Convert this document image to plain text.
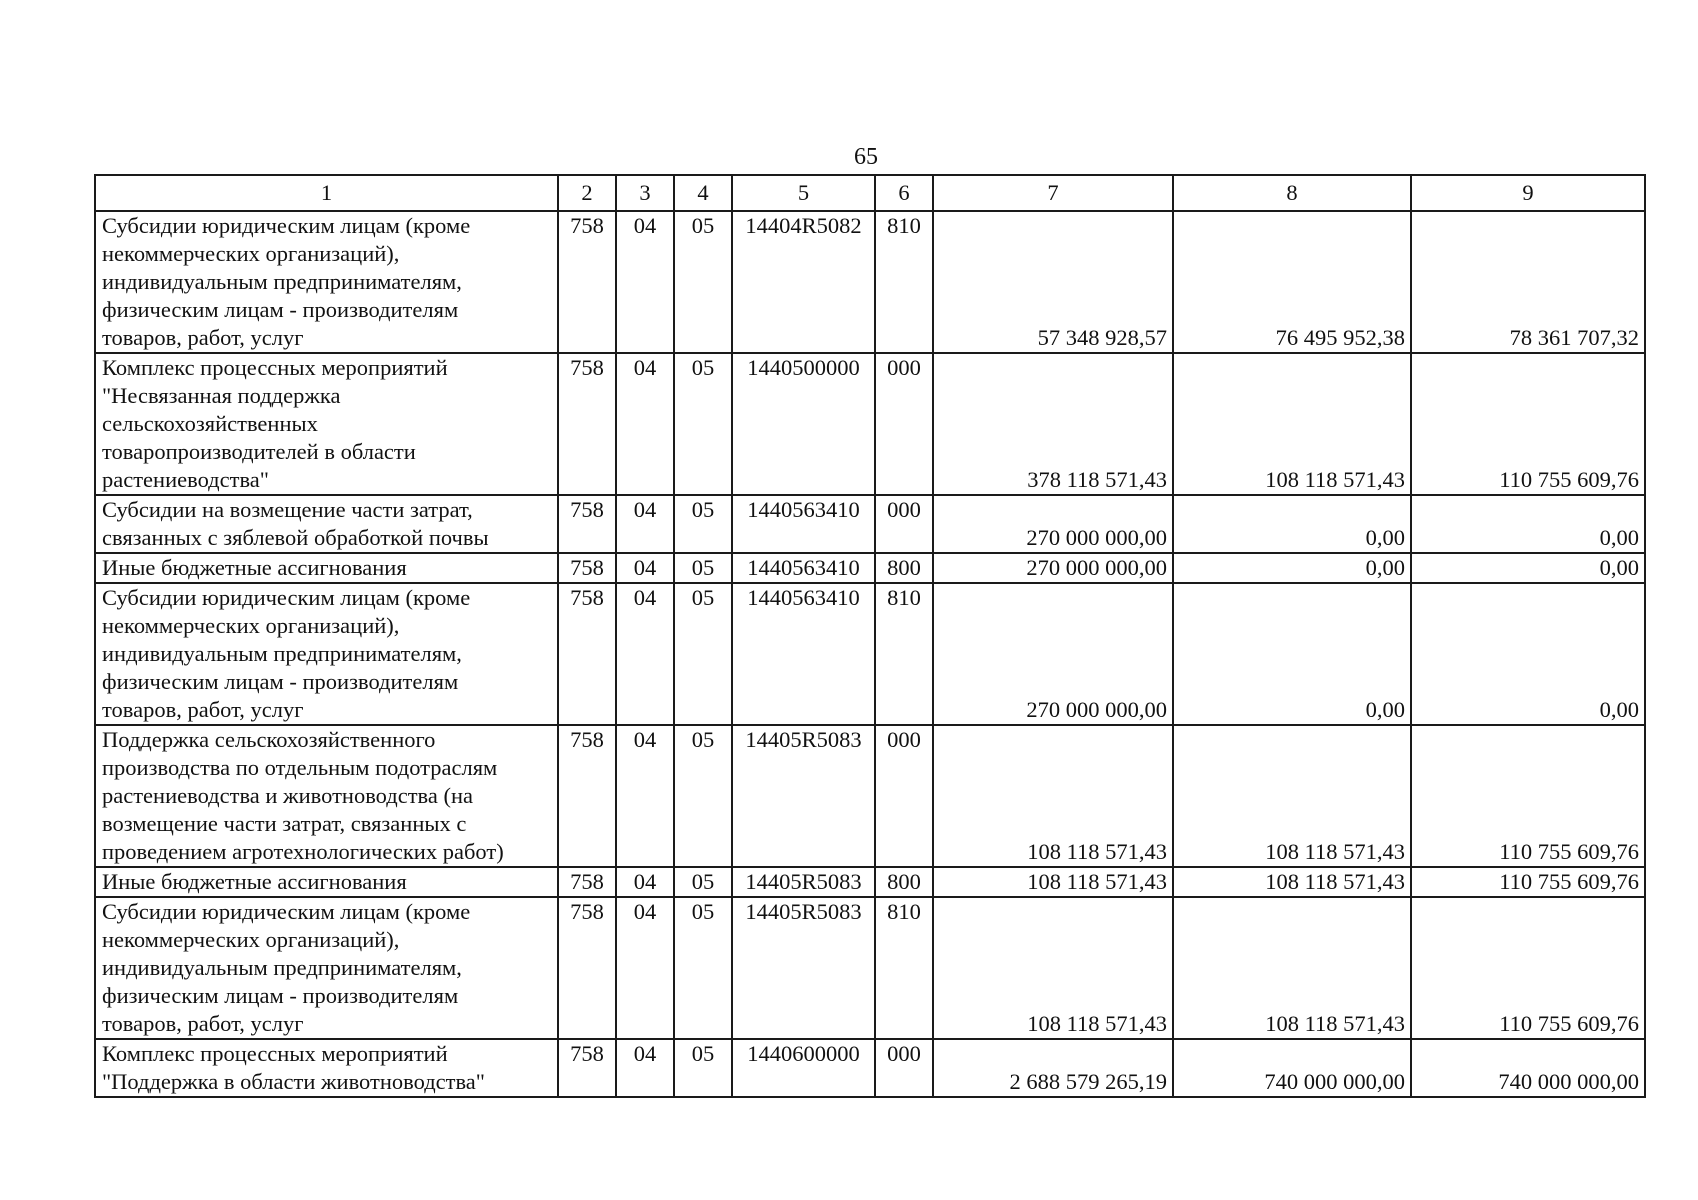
65
1	2	3	4	5	6	7	8	9
Субсидии юридическим лицам (кроме
некоммерческих организаций),
индивидуальным предпринимателям,
физическим лицам - производителям
товаров, работ, услуг	758	04	05	14404R5082	810	57 348 928,57	76 495 952,38	78 361 707,32
Комплекс процессных мероприятий
"Несвязанная поддержка
сельскохозяйственных
товаропроизводителей в области
растениеводства"	758	04	05	1440500000	000	378 118 571,43	108 118 571,43	110 755 609,76
Субсидии на возмещение части затрат,
связанных с зяблевой обработкой почвы	758	04	05	1440563410	000	270 000 000,00	0,00	0,00
Иные бюджетные ассигнования	758	04	05	1440563410	800	270 000 000,00	0,00	0,00
Субсидии юридическим лицам (кроме
некоммерческих организаций),
индивидуальным предпринимателям,
физическим лицам - производителям
товаров, работ, услуг	758	04	05	1440563410	810	270 000 000,00	0,00	0,00
Поддержка сельскохозяйственного
производства по отдельным подотраслям
растениеводства и животноводства (на
возмещение части затрат, связанных с
проведением агротехнологических работ)	758	04	05	14405R5083	000	108 118 571,43	108 118 571,43	110 755 609,76
Иные бюджетные ассигнования	758	04	05	14405R5083	800	108 118 571,43	108 118 571,43	110 755 609,76
Субсидии юридическим лицам (кроме
некоммерческих организаций),
индивидуальным предпринимателям,
физическим лицам - производителям
товаров, работ, услуг	758	04	05	14405R5083	810	108 118 571,43	108 118 571,43	110 755 609,76
Комплекс процессных мероприятий
"Поддержка в области животноводства"	758	04	05	1440600000	000	2 688 579 265,19	740 000 000,00	740 000 000,00
